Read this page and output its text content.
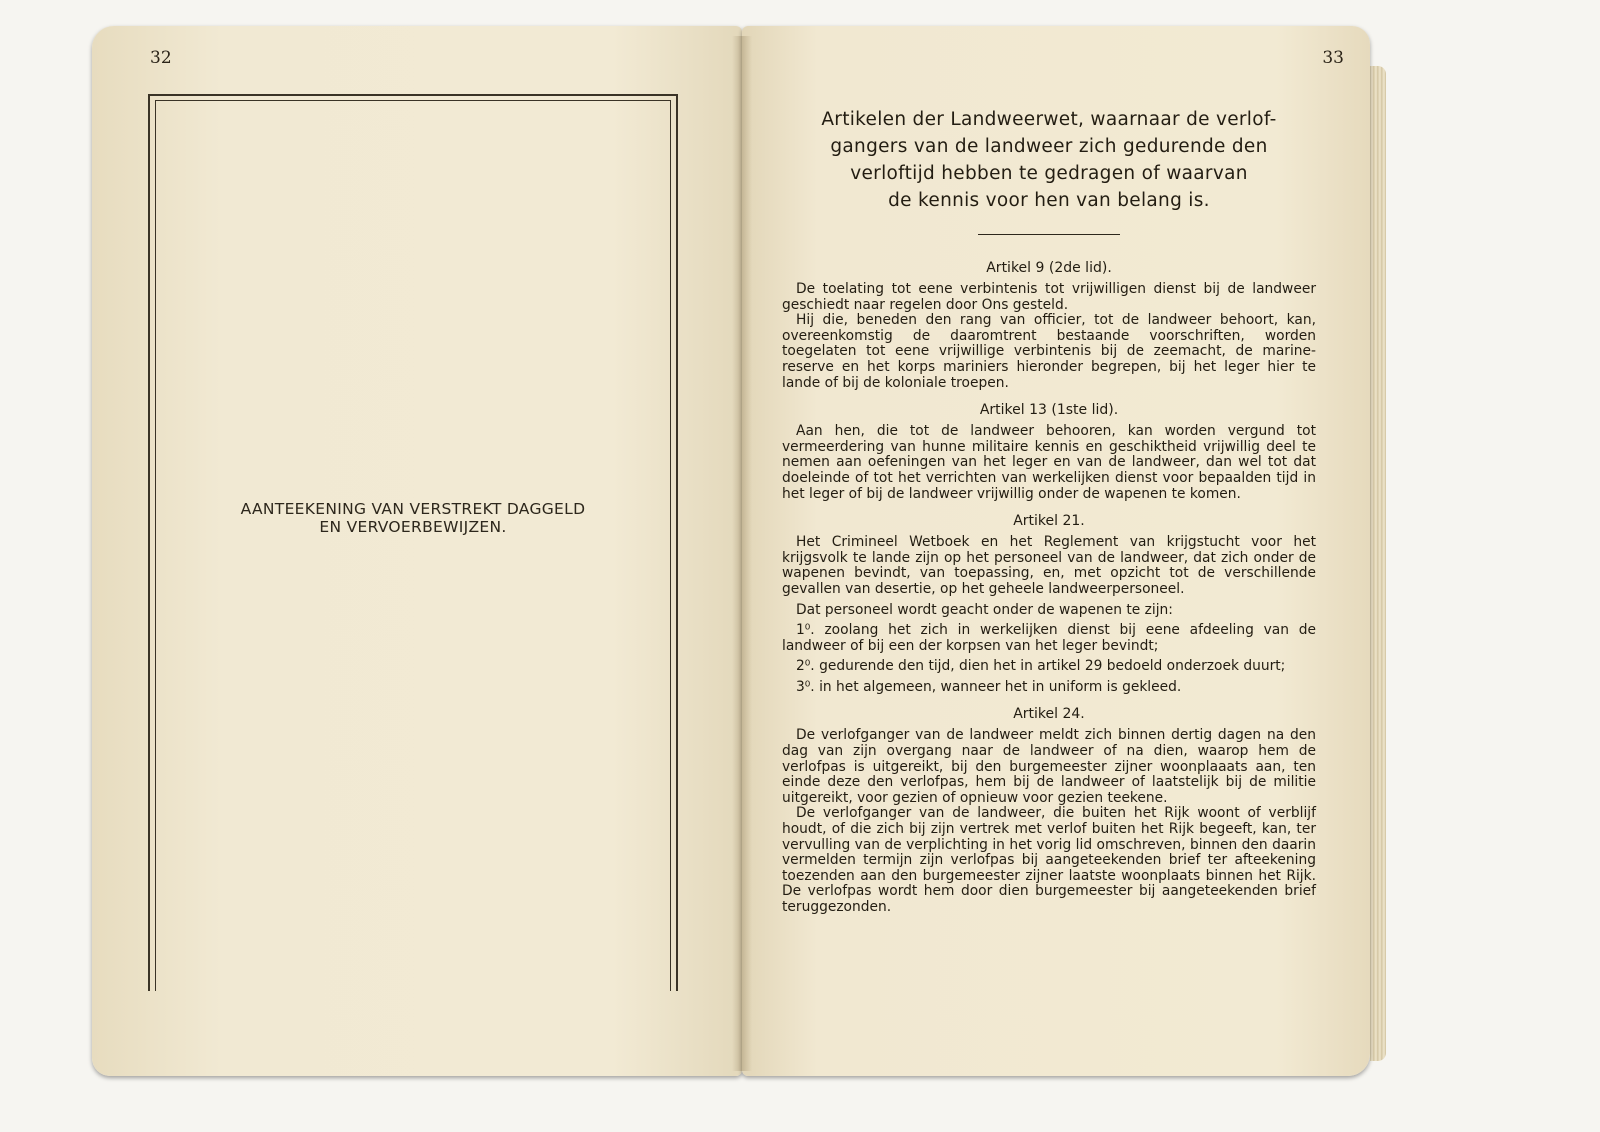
32
AANTEEKENING VAN VERSTREKT DAGGELD
EN VERVOERBEWIJZEN.
33
Artikelen der Landweerwet, waarnaar de verlof-
gangers van de landweer zich gedurende den
verloftijd hebben te gedragen of waarvan
de kennis voor hen van belang is.
Artikel 9 (2de lid).

De toelating tot eene verbintenis tot vrijwilligen dienst bij de landweer geschiedt naar regelen door Ons gesteld.

Hij die, beneden den rang van officier, tot de landweer behoort, kan, overeenkomstig de daaromtrent bestaande voorschriften, worden toegelaten tot eene vrijwillige verbintenis bij de zeemacht, de marine-reserve en het korps mariniers hieronder begrepen, bij het leger hier te lande of bij de koloniale troepen.

Artikel 13 (1ste lid).

Aan hen, die tot de landweer behooren, kan worden vergund tot vermeerdering van hunne militaire kennis en geschiktheid vrijwillig deel te nemen aan oefeningen van het leger en van de landweer, dan wel tot dat doeleinde of tot het verrichten van werkelijken dienst voor bepaalden tijd in het leger of bij de landweer vrijwillig onder de wapenen te komen.

Artikel 21.

Het Crimineel Wetboek en het Reglement van krijgstucht voor het krijgsvolk te lande zijn op het personeel van de landweer, dat zich onder de wapenen bevindt, van toepassing, en, met opzicht tot de verschillende gevallen van desertie, op het geheele landweerpersoneel.

Dat personeel wordt geacht onder de wapenen te zijn:

1⁰. zoolang het zich in werkelijken dienst bij eene afdeeling van de landweer of bij een der korpsen van het leger bevindt;

2⁰. gedurende den tijd, dien het in artikel 29 bedoeld onderzoek duurt;

3⁰. in het algemeen, wanneer het in uniform is gekleed.

Artikel 24.

De verlofganger van de landweer meldt zich binnen dertig dagen na den dag van zijn overgang naar de landweer of na dien, waarop hem de verlofpas is uitgereikt, bij den burgemeester zijner woonplaaats aan, ten einde deze den verlofpas, hem bij de landweer of laatstelijk bij de militie uitgereikt, voor gezien of opnieuw voor gezien teekene.

De verlofganger van de landweer, die buiten het Rijk woont of verblijf houdt, of die zich bij zijn vertrek met verlof buiten het Rijk begeeft, kan, ter vervulling van de verplichting in het vorig lid omschreven, binnen den daarin vermelden termijn zijn verlofpas bij aangeteekenden brief ter afteekening toezenden aan den burgemeester zijner laatste woonplaats binnen het Rijk. De verlofpas wordt hem door dien burgemeester bij aangeteekenden brief teruggezonden.
